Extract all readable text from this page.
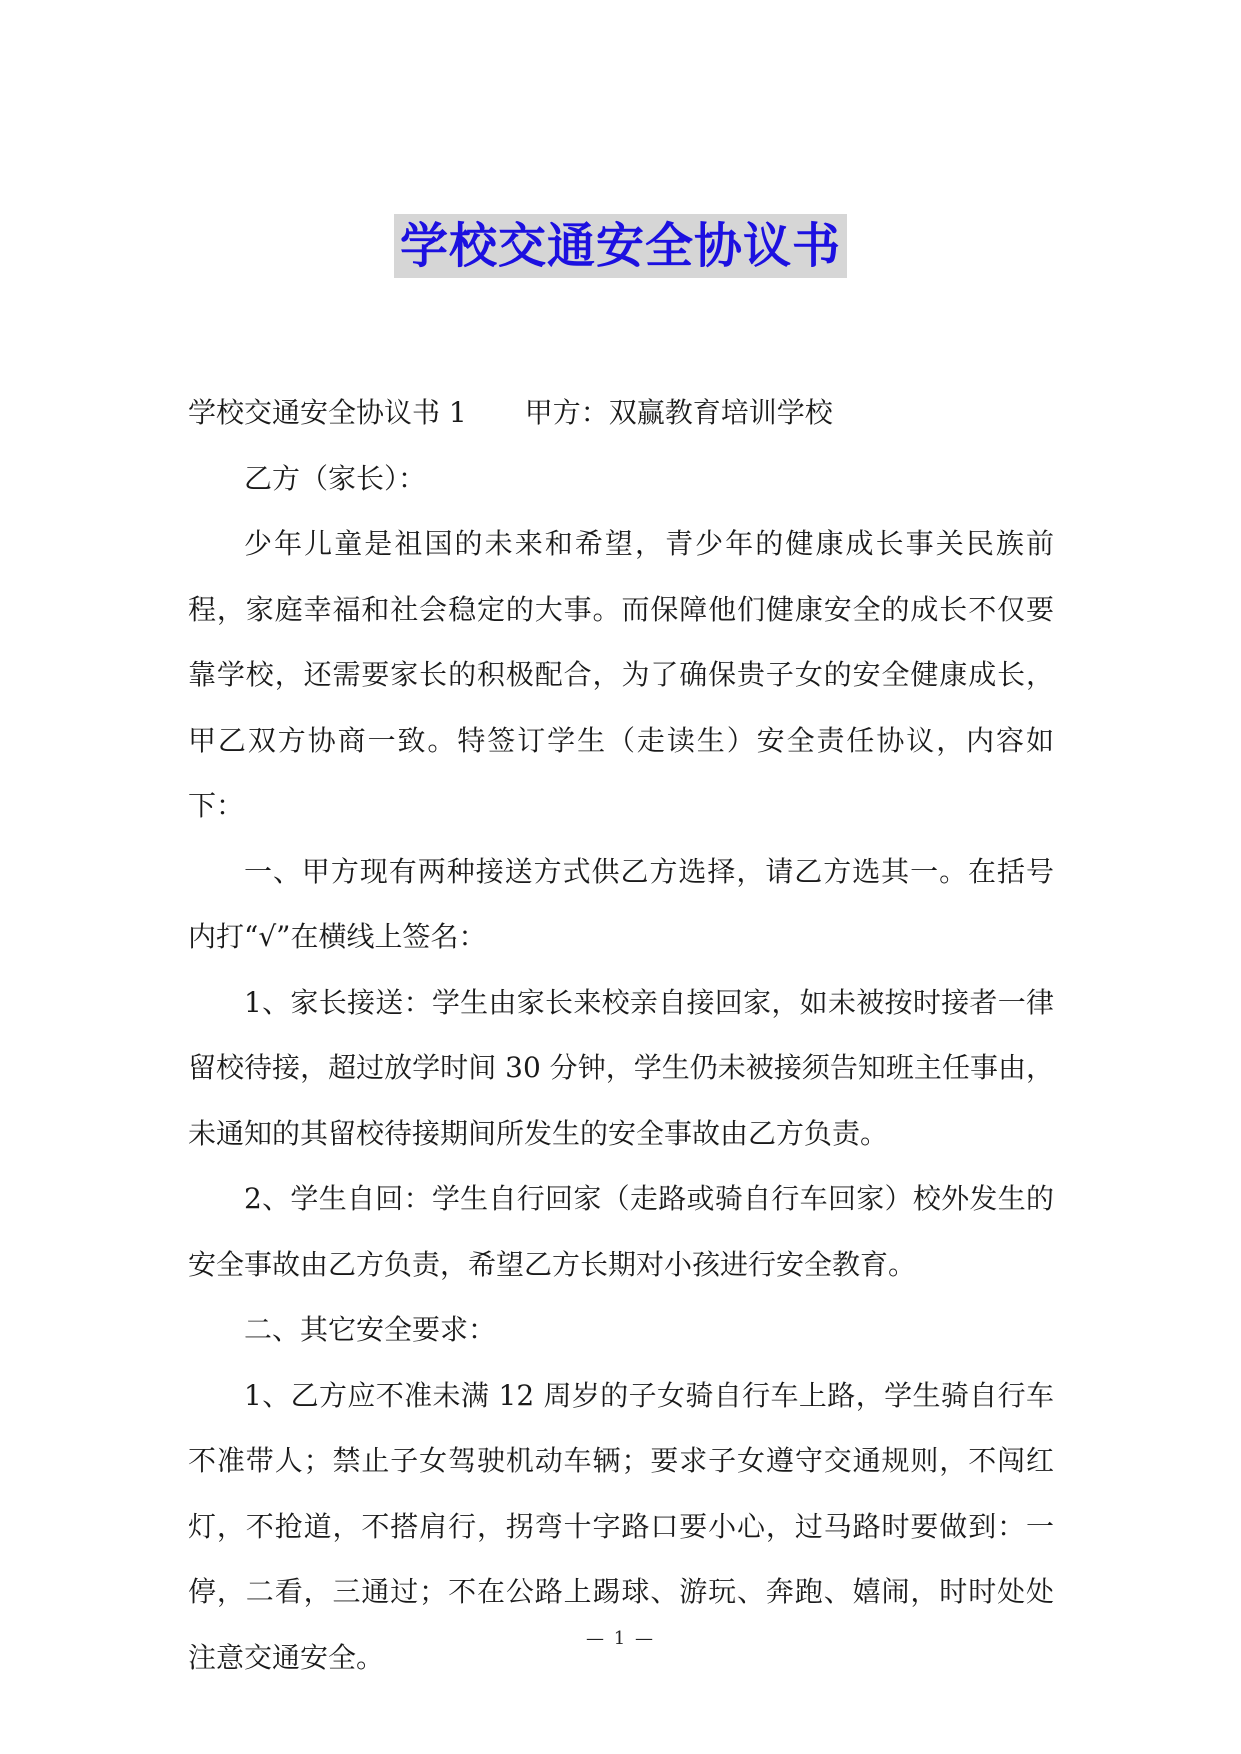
学校交通安全协议书

学校交通安全协议书 1 甲方：双赢教育培训学校

乙方（家长）：

少年儿童是祖国的未来和希望，青少年的健康成长事关民族前程，家庭幸福和社会稳定的大事。而保障他们健康安全的成长不仅要靠学校，还需要家长的积极配合，为了确保贵子女的安全健康成长，甲乙双方协商一致。特签订学生（走读生）安全责任协议，内容如下：

一、甲方现有两种接送方式供乙方选择，请乙方选其一。在括号内打“√”在横线上签名：

1、家长接送：学生由家长来校亲自接回家，如未被按时接者一律留校待接，超过放学时间 30 分钟，学生仍未被接须告知班主任事由，未通知的其留校待接期间所发生的安全事故由乙方负责。

2、学生自回：学生自行回家（走路或骑自行车回家）校外发生的安全事故由乙方负责，希望乙方长期对小孩进行安全教育。

二、其它安全要求：

1、乙方应不准未满 12 周岁的子女骑自行车上路，学生骑自行车不准带人；禁止子女驾驶机动车辆；要求子女遵守交通规则，不闯红灯，不抢道，不搭肩行，拐弯十字路口要小心，过马路时要做到：一停，二看，三通过；不在公路上踢球、游玩、奔跑、嬉闹，时时处处注意交通安全。

— 1 —
